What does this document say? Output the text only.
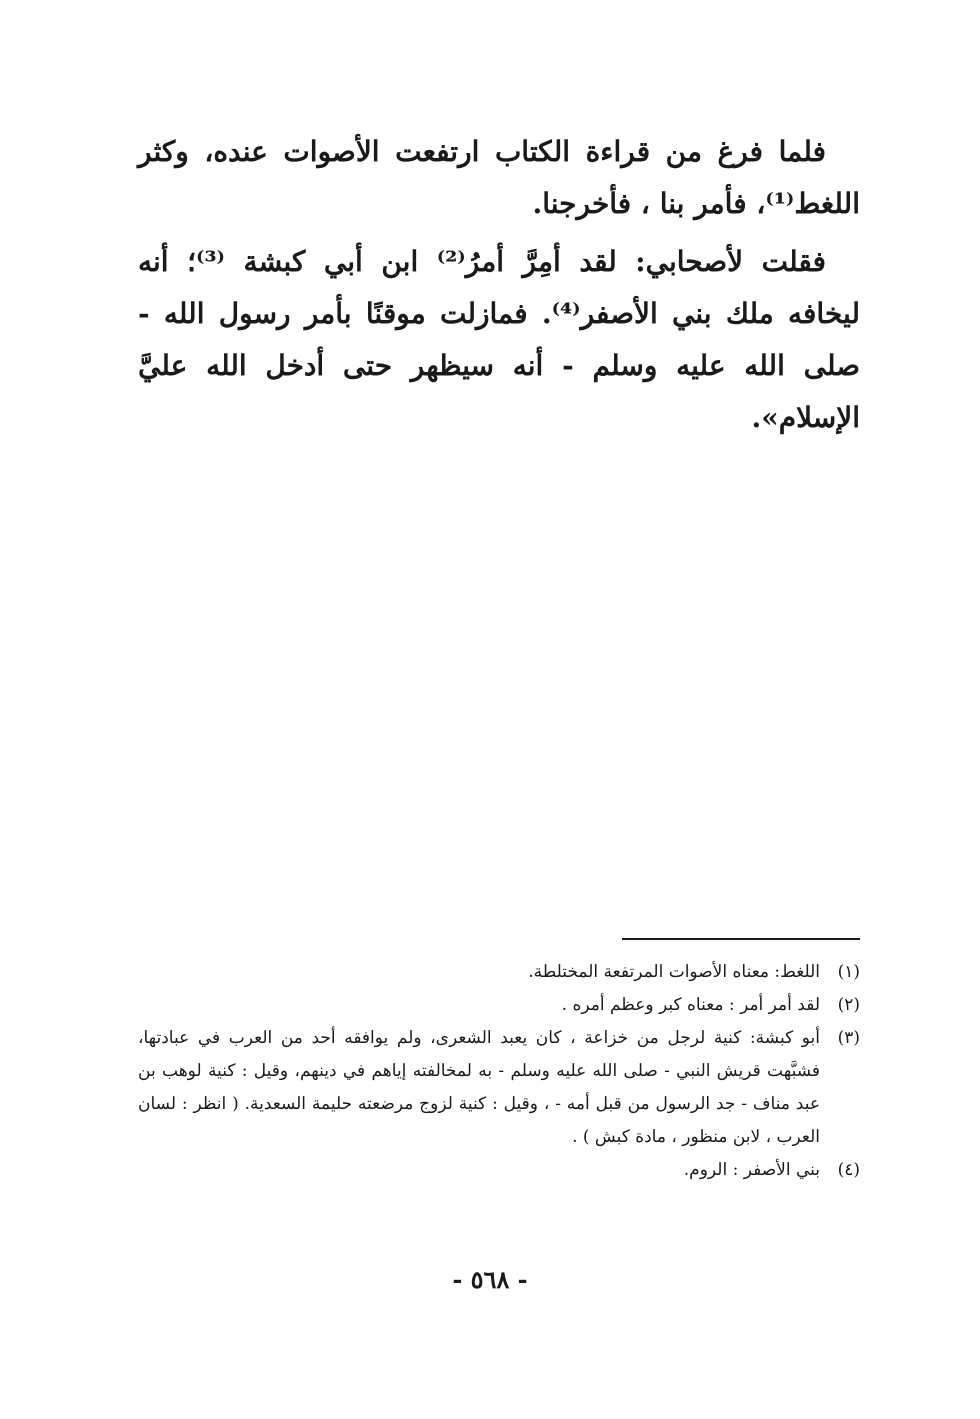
فلما فرغ من قراءة الكتاب ارتفعت الأصوات عنده، وكثر اللغط⁽¹⁾، فأمر بنا ، فأخرجنا.

فقلت لأصحابي: لقد أمِرَّ أمرُ⁽²⁾ ابن أبي كبشة ⁽³⁾؛ أنه ليخافه ملك بني الأصفر⁽⁴⁾. فمازلت موقنًا بأمر رسول الله - صلى الله عليه وسلم - أنه سيظهر حتى أدخل الله عليَّ الإسلام».

(١)
اللغط: معناه الأصوات المرتفعة المختلطة.
(٢)
لقد أمر أمر : معناه كبر وعظم أمره .
(٣)
أبو كبشة: كنية لرجل من خزاعة ، كان يعبد الشعرى، ولم يوافقه أحد من العرب في عبادتها، فشبَّهت قريش النبي - صلى الله عليه وسلم - به لمخالفته إياهم في دينهم، وقيل : كنية لوهب بن عبد مناف - جد الرسول من قبل أمه - ، وقيل : كنية لزوج مرضعته حليمة السعدية. ( انظر : لسان العرب ، لابن منظور ، مادة كبش ) .
(٤)
بني الأصفر : الروم.
- ٥٦٨ -
